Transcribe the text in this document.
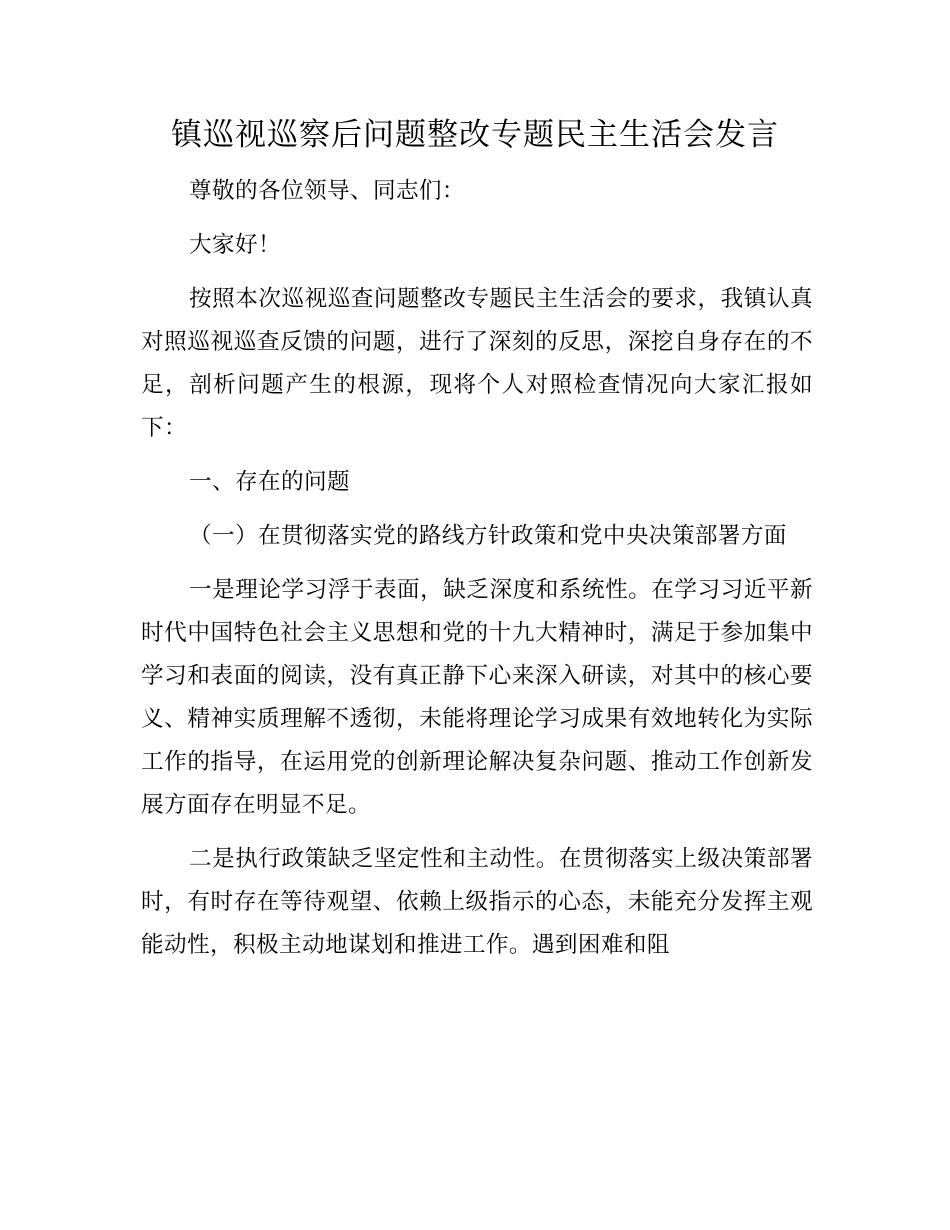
镇巡视巡察后问题整改专题民主生活会发言

尊敬的各位领导、同志们：

大家好！

按照本次巡视巡查问题整改专题民主生活会的要求，我镇认真对照巡视巡查反馈的问题，进行了深刻的反思，深挖自身存在的不足，剖析问题产生的根源，现将个人对照检查情况向大家汇报如下：

一、存在的问题

（一）在贯彻落实党的路线方针政策和党中央决策部署方面

一是理论学习浮于表面，缺乏深度和系统性。在学习习近平新时代中国特色社会主义思想和党的十九大精神时，满足于参加集中学习和表面的阅读，没有真正静下心来深入研读，对其中的核心要义、精神实质理解不透彻，未能将理论学习成果有效地转化为实际工作的指导，在运用党的创新理论解决复杂问题、推动工作创新发展方面存在明显不足。

二是执行政策缺乏坚定性和主动性。在贯彻落实上级决策部署时，有时存在等待观望、依赖上级指示的心态，未能充分发挥主观能动性，积极主动地谋划和推进工作。遇到困难和阻
